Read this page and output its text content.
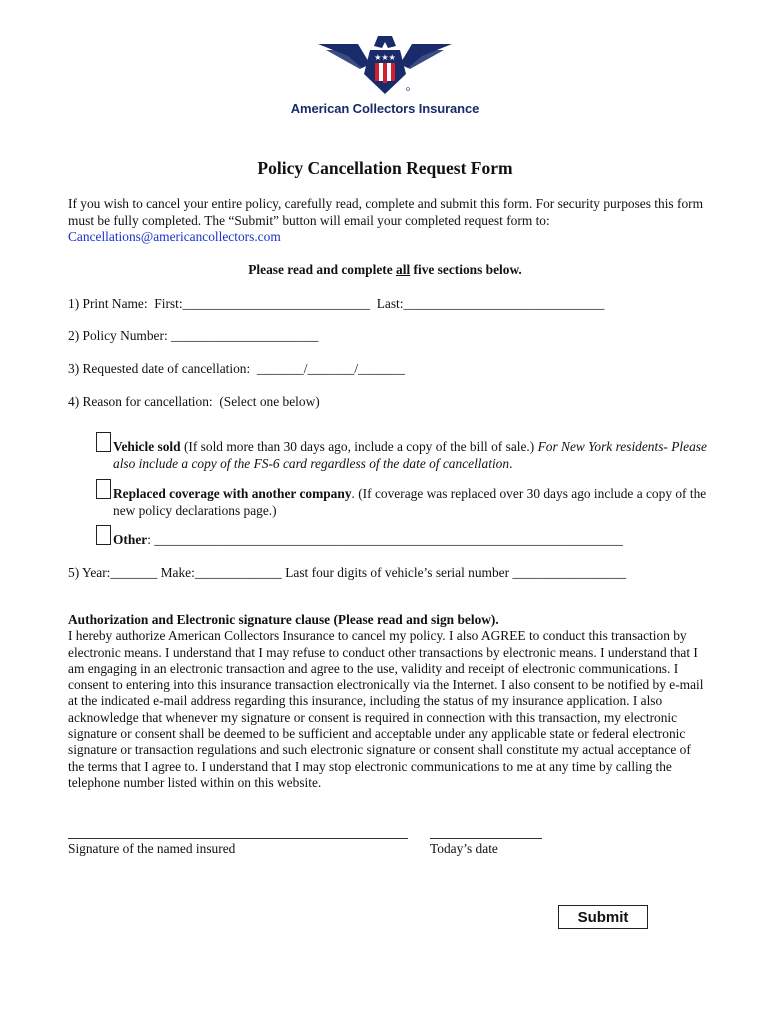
★★★
American Collectors Insurance
Policy Cancellation Request Form
If you wish to cancel your entire policy, carefully read, complete and submit this form. For security purposes this form must be fully completed. The “Submit” button will email your completed request form to: Cancellations@americancollectors.com
Please read and complete all five sections below.
1) Print Name:  First:____________________________  Last:______________________________
2) Policy Number: ______________________
3) Requested date of cancellation:  _______/_______/_______
4) Reason for cancellation:  (Select one below)
Vehicle sold (If sold more than 30 days ago, include a copy of the bill of sale.) For New York residents- Please also include a copy of the FS-6 card regardless of the date of cancellation.
Replaced coverage with another company. (If coverage was replaced over 30 days ago include a copy of the new policy declarations page.)
Other: ______________________________________________________________________
5) Year:_______ Make:_____________ Last four digits of vehicle’s serial number _________________
Authorization and Electronic signature clause (Please read and sign below).
I hereby authorize American Collectors Insurance to cancel my policy. I also AGREE to conduct this transaction by electronic means. I understand that I may refuse to conduct other transactions by electronic means. I understand that I am engaging in an electronic transaction and agree to the use, validity and receipt of electronic communications. I consent to entering into this insurance transaction electronically via the Internet. I also consent to be notified by e-mail at the indicated e-mail address regarding this insurance, including the status of my insurance application. I also acknowledge that whenever my signature or consent is required in connection with this transaction, my electronic signature or consent shall be deemed to be sufficient and acceptable under any applicable state or federal electronic signature or transaction regulations and such electronic signature or consent shall constitute my actual acceptance of the terms that I agree to. I understand that I may stop electronic communications to me at any time by calling the telephone number listed within on this website.
Signature of the named insured	Today’s date
Submit
